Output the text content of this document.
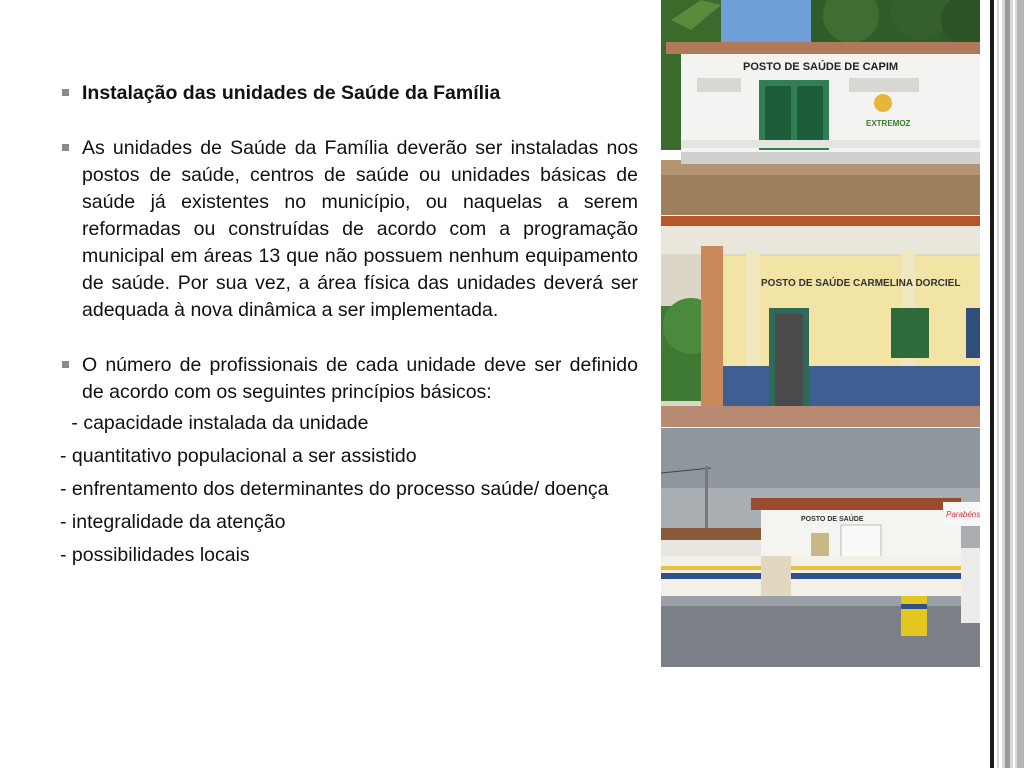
Instalação das unidades de Saúde da Família
As unidades de Saúde da Família deverão ser instaladas nos postos de saúde, centros de saúde ou unidades básicas de saúde já existentes no município, ou naquelas a serem reformadas ou construídas de acordo com a programação municipal em áreas 13 que não possuem nenhum equipamento de saúde. Por sua vez, a área física das unidades deverá ser adequada à nova dinâmica a ser implementada.
O número de profissionais de cada unidade deve ser definido de acordo com os seguintes princípios básicos:
- capacidade instalada da unidade
- quantitativo populacional a ser assistido
- enfrentamento dos determinantes do processo saúde/ doença
- integralidade da atenção
- possibilidades locais
POSTO DE SAÚDE DE CAPIM
EXTREMOZ
POSTO DE SAÚDE CARMELINA DORCIEL
POSTO DE SAÚDE
Parabéns
